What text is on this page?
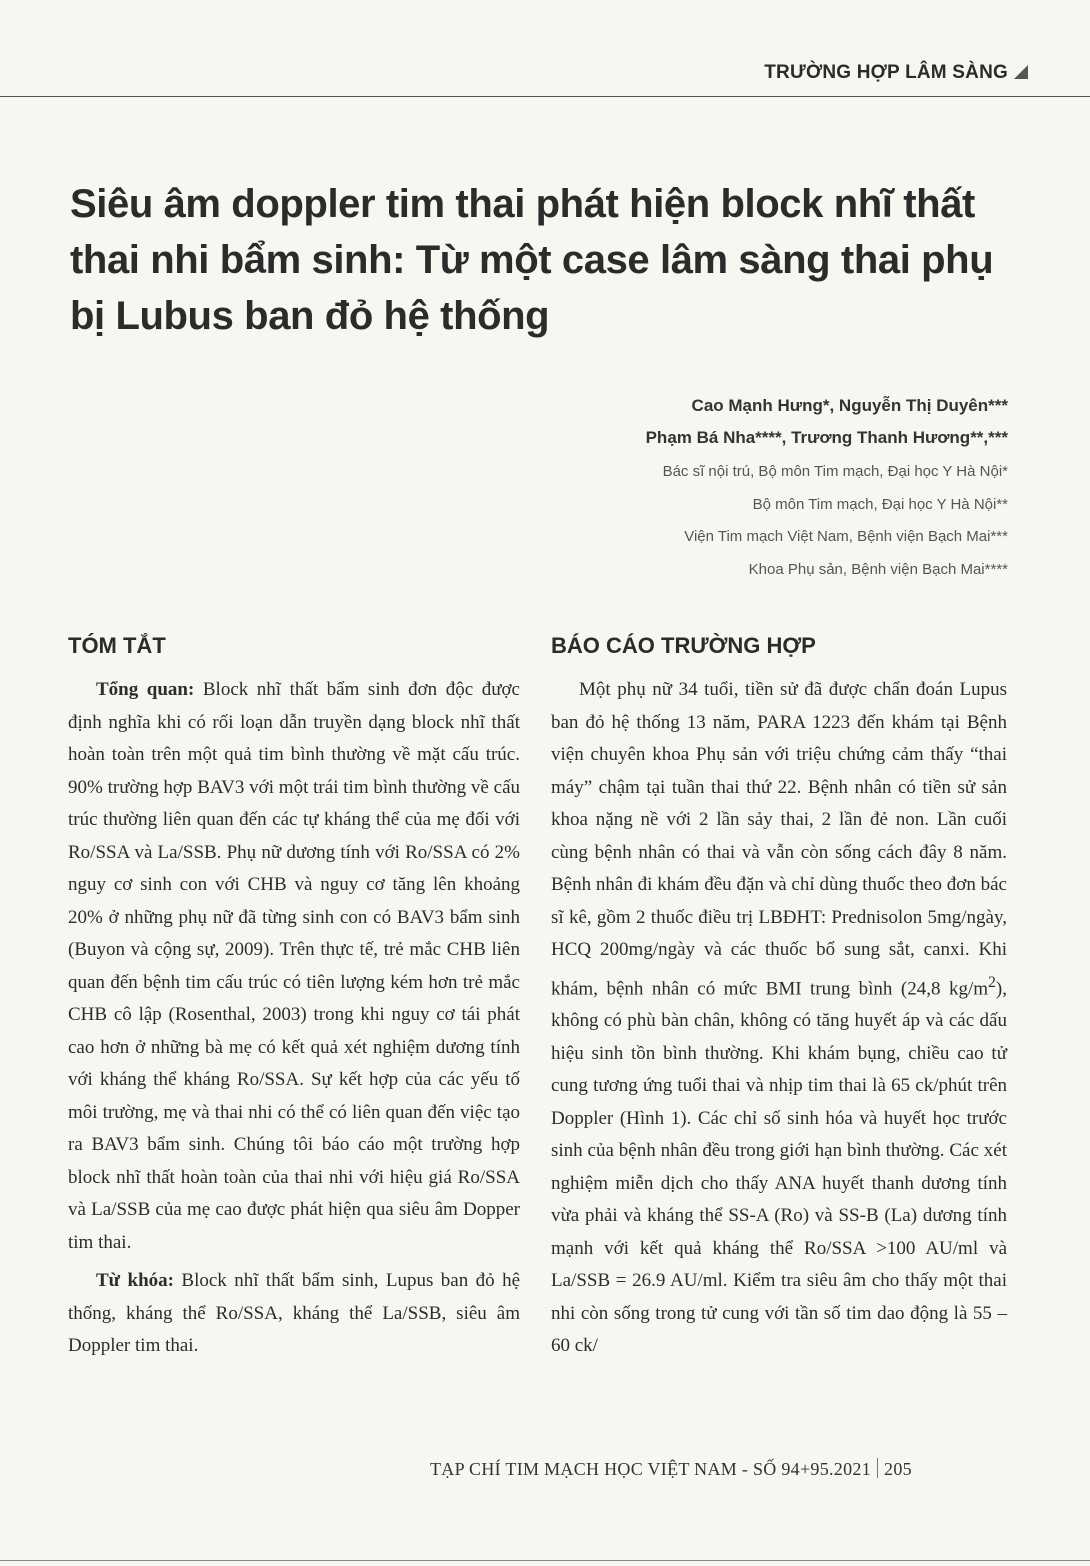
TRƯỜNG HỢP LÂM SÀNG
Siêu âm doppler tim thai phát hiện block nhĩ thất
thai nhi bẩm sinh: Từ một case lâm sàng thai phụ
bị Lubus ban đỏ hệ thống
Cao Mạnh Hưng*, Nguyễn Thị Duyên***
Phạm Bá Nha****, Trương Thanh Hương**,***
Bác sĩ nội trú, Bộ môn Tim mạch, Đại học Y Hà Nội*
Bộ môn Tim mạch, Đại học Y Hà Nội**
Viện Tim mạch Việt Nam, Bệnh viện Bạch Mai***
Khoa Phụ sản, Bệnh viện Bạch Mai****
TÓM TẮT

Tổng quan: Block nhĩ thất bẩm sinh đơn độc được định nghĩa khi có rối loạn dẫn truyền dạng block nhĩ thất hoàn toàn trên một quả tim bình thường về mặt cấu trúc. 90% trường hợp BAV3 với một trái tim bình thường về cấu trúc thường liên quan đến các tự kháng thể của mẹ đối với Ro/SSA và La/SSB. Phụ nữ dương tính với Ro/SSA có 2% nguy cơ sinh con với CHB và nguy cơ tăng lên khoảng 20% ở những phụ nữ đã từng sinh con có BAV3 bẩm sinh (Buyon và cộng sự, 2009). Trên thực tế, trẻ mắc CHB liên quan đến bệnh tim cấu trúc có tiên lượng kém hơn trẻ mắc CHB cô lập (Rosenthal, 2003) trong khi nguy cơ tái phát cao hơn ở những bà mẹ có kết quả xét nghiệm dương tính với kháng thể kháng Ro/SSA. Sự kết hợp của các yếu tố môi trường, mẹ và thai nhi có thể có liên quan đến việc tạo ra BAV3 bẩm sinh. Chúng tôi báo cáo một trường hợp block nhĩ thất hoàn toàn của thai nhi với hiệu giá Ro/SSA và La/SSB của mẹ cao được phát hiện qua siêu âm Dopper tim thai.

Từ khóa: Block nhĩ thất bẩm sinh, Lupus ban đỏ hệ thống, kháng thể Ro/SSA, kháng thể La/SSB, siêu âm Doppler tim thai.

BÁO CÁO TRƯỜNG HỢP

Một phụ nữ 34 tuổi, tiền sử đã được chẩn đoán Lupus ban đỏ hệ thống 13 năm, PARA 1223 đến khám tại Bệnh viện chuyên khoa Phụ sản với triệu chứng cảm thấy “thai máy” chậm tại tuần thai thứ 22. Bệnh nhân có tiền sử sản khoa nặng nề với 2 lần sảy thai, 2 lần đẻ non. Lần cuối cùng bệnh nhân có thai và vẫn còn sống cách đây 8 năm. Bệnh nhân đi khám đều đặn và chỉ dùng thuốc theo đơn bác sĩ kê, gồm 2 thuốc điều trị LBĐHT: Prednisolon 5mg/ngày, HCQ 200mg/ngày và các thuốc bổ sung sắt, canxi. Khi khám, bệnh nhân có mức BMI trung bình (24,8 $kg/m^2$), không có phù bàn chân, không có tăng huyết áp và các dấu hiệu sinh tồn bình thường. Khi khám bụng, chiều cao tử cung tương ứng tuổi thai và nhịp tim thai là 65 ck/phút trên Doppler (Hình 1). Các chỉ số sinh hóa và huyết học trước sinh của bệnh nhân đều trong giới hạn bình thường. Các xét nghiệm miễn dịch cho thấy ANA huyết thanh dương tính vừa phải và kháng thể SS-A (Ro) và SS-B (La) dương tính mạnh với kết quả kháng thể Ro/SSA >100 AU/ml và La/SSB = 26.9 AU/ml. Kiểm tra siêu âm cho thấy một thai nhi còn sống trong tử cung với tần số tim dao động là 55 – 60 ck/

TẠP CHÍ TIM MẠCH HỌC VIỆT NAM - SỐ 94+95.2021 205
